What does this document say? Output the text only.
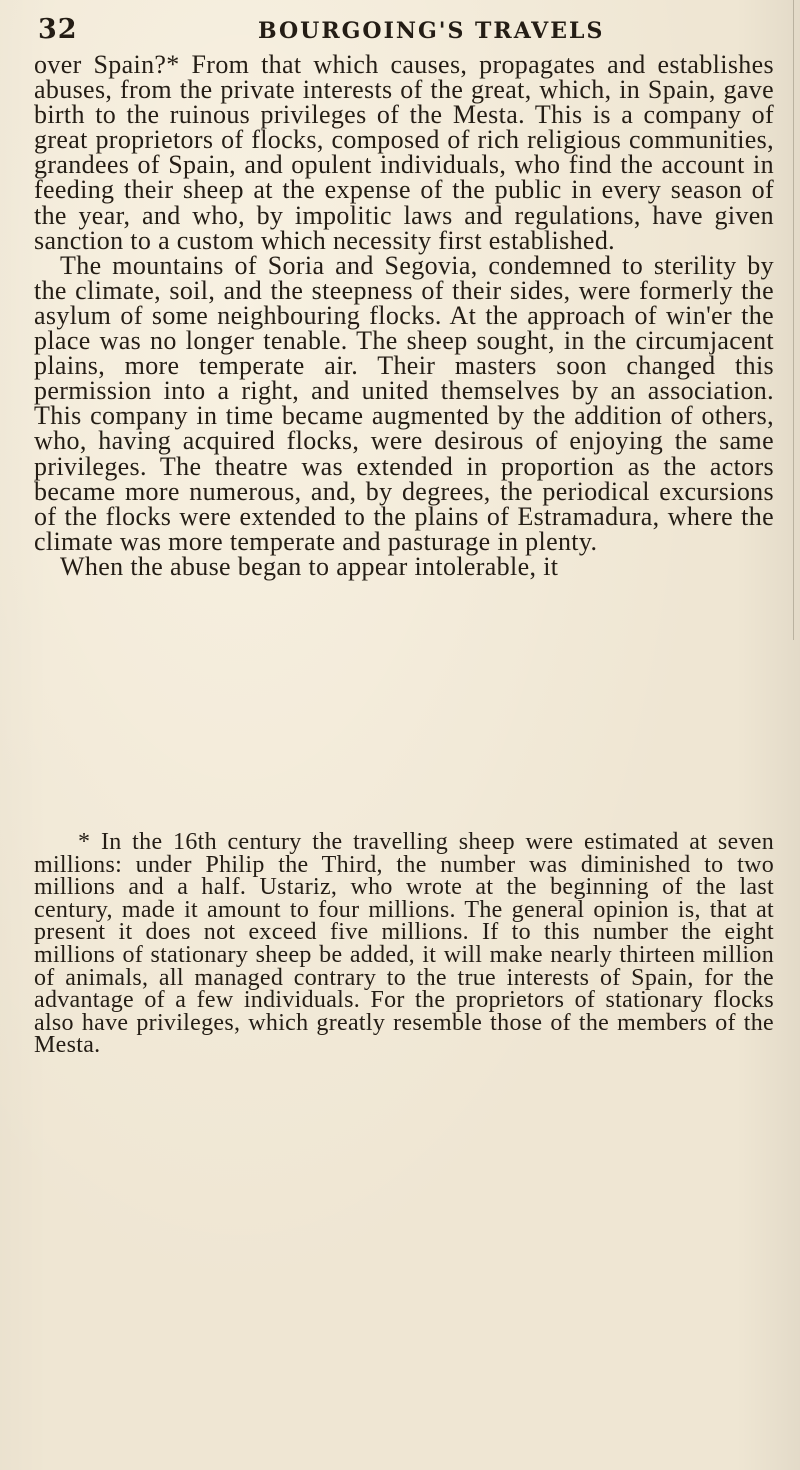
32	BOURGOING'S TRAVELS

over Spain?* From that which causes, propagates and establishes abuses, from the private interests of the great, which, in Spain, gave birth to the ruinous privileges of the Mesta. This is a company of great proprietors of flocks, composed of rich religious communities, grandees of Spain, and opulent individuals, who find the account in feeding their sheep at the expense of the public in every season of the year, and who, by impolitic laws and regulations, have given sanction to a custom which necessity first established.

The mountains of Soria and Segovia, condemned to sterility by the climate, soil, and the steepness of their sides, were formerly the asylum of some neighbouring flocks. At the approach of win'er the place was no longer tenable. The sheep sought, in the circumjacent plains, more temperate air. Their masters soon changed this permission into a right, and united themselves by an association. This company in time became augmented by the addition of others, who, having acquired flocks, were desirous of enjoying the same privileges. The theatre was extended in proportion as the actors became more numerous, and, by degrees, the periodical excursions of the flocks were extended to the plains of Estramadura, where the climate was more temperate and pasturage in plenty.

When the abuse began to appear intolerable, it

* In the 16th century the travelling sheep were estimated at seven millions: under Philip the Third, the number was diminished to two millions and a half. Ustariz, who wrote at the beginning of the last century, made it amount to four millions. The general opinion is, that at present it does not exceed five millions. If to this number the eight millions of stationary sheep be added, it will make nearly thirteen million of animals, all managed contrary to the true interests of Spain, for the advantage of a few individuals. For the proprietors of stationary flocks also have privileges, which greatly resemble those of the members of the Mesta.
